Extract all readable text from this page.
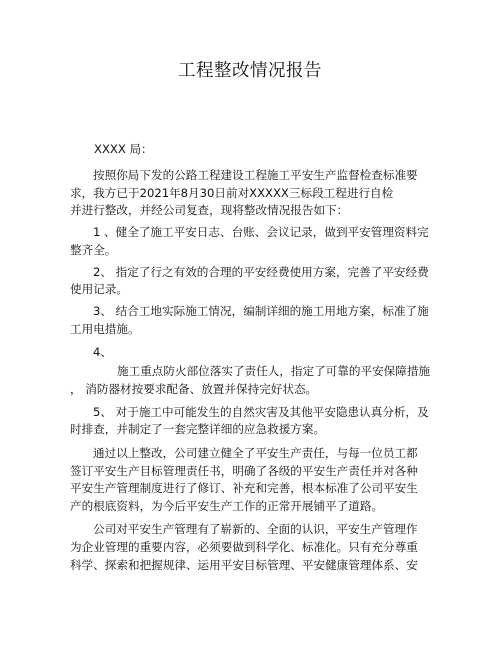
工程整改情况报告
XXXX 局：
按照你局下发的公路工程建设工程施工平安生产监督检查标准要
求，我方已于2021年8月30日前对XXXXX三标段工程进行自检
并进行整改，并经公司复查，现将整改情况报告如下：
1 、健全了施工平安日志、台账、会议记录，做到平安管理资料完
整齐全。
2、 指定了行之有效的合理的平安经费使用方案，完善了平安经费
使用记录。
3、 结合工地实际施工情况，编制详细的施工用地方案，标准了施
工用电措施。
4、
施工重点防火部位落实了责任人，指定了可靠的平安保障措施
， 消防器材按要求配备、放置并保持完好状态。
5、 对于施工中可能发生的自然灾害及其他平安隐患认真分析，及
时排查，并制定了一套完整详细的应急救援方案。
通过以上整改，公司建立健全了平安生产责任，与每一位员工都
签订平安生产目标管理责任书，明确了各级的平安生产责任并对各种
平安生产管理制度进行了修订、补充和完善，根本标准了公司平安生
产的根底资料，为今后平安生产工作的正常开展铺平了道路。
公司对平安生产管理有了崭新的、全面的认识，平安生产管理作
为企业管理的重要内容，必须要做到科学化、标准化。只有充分尊重
科学、探索和把握规律、运用平安目标管理、平安健康管理体系、安
